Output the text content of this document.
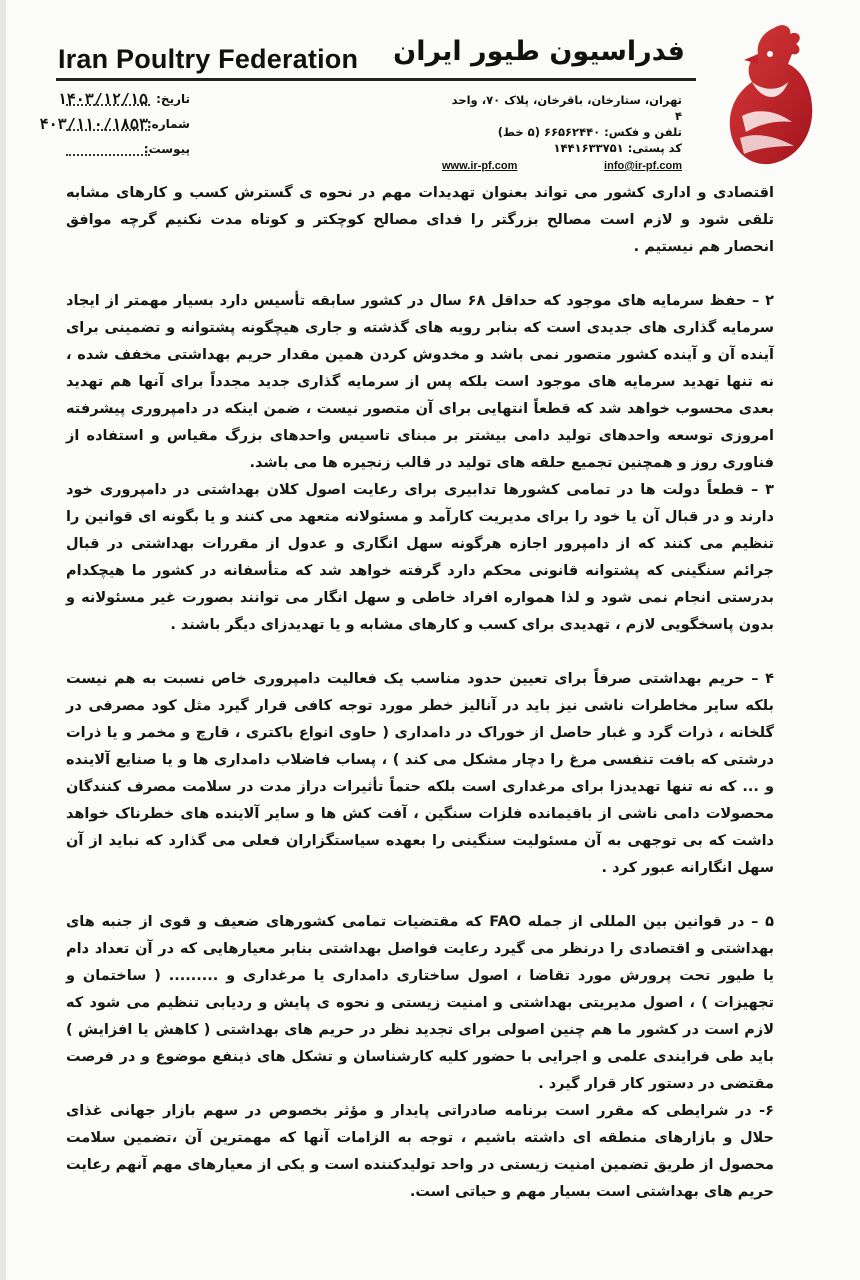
Iran Poultry Federation فدراسیون طیور ایران
تاریخ:
۱۴۰۳/۱۲/۱۵
شماره:
۴۰۳/۱۱۰/۱۸۵۳
پیوست:
تهران، ستارخان، باقرخان، پلاک ۷۰، واحد ۴
تلفن و فکس: ۶۶۵۶۲۴۴۰ (۵ خط)
کد پستی: ۱۴۴۱۶۳۳۷۵۱
www.ir-pf.com	info@ir-pf.com

اقتصادی و اداری کشور می تواند بعنوان تهدیدات مهم در نحوه ی گسترش کسب و کارهای مشابه تلقی شود و لازم است مصالح بزرگتر را فدای مصالح کوچکتر و کوتاه مدت نکنیم گرچه موافق انحصار هم نیستیم .

۲ – حفظ سرمایه های موجود که حداقل ۶۸ سال در کشور سابقه تأسیس دارد بسیار مهمتر از ایجاد سرمایه گذاری های جدیدی است که بنابر رویه های گذشته و جاری هیچگونه پشتوانه و تضمینی برای آینده آن و آینده کشور متصور نمی باشد و مخدوش کردن همین مقدار حریم بهداشتی مخفف شده ، نه تنها تهدید سرمایه های موجود است بلکه پس از سرمایه گذاری جدید مجدداً برای آنها هم تهدید بعدی محسوب خواهد شد که قطعاً انتهایی برای آن متصور نیست ، ضمن اینکه در دامپروری پیشرفته امروزی توسعه واحدهای تولید دامی بیشتر بر مبنای تاسیس واحدهای بزرگ مقیاس و استفاده از فناوری روز و همچنین تجمیع حلقه های تولید در قالب زنجیره ها می باشد.

۳ – قطعاً دولت ها در تمامی کشورها تدابیری برای رعایت اصول کلان بهداشتی در دامپروری خود دارند و در قبال آن یا خود را برای مدیریت کارآمد و مسئولانه متعهد می کنند و یا بگونه ای قوانین را تنظیم می کنند که از دامپرور اجازه هرگونه سهل انگاری و عدول از مقررات بهداشتی در قبال جرائم سنگینی که پشتوانه قانونی محکم دارد گرفته خواهد شد که متأسفانه در کشور ما هیچکدام بدرستی انجام نمی شود و لذا همواره افراد خاطی و سهل انگار می توانند بصورت غیر مسئولانه و بدون پاسخگویی لازم ، تهدیدی برای کسب و کارهای مشابه و یا تهدیدزای دیگر باشند .

۴ – حریم بهداشتی صرفاً برای تعیین حدود مناسب یک فعالیت دامپروری خاص نسبت به هم نیست بلکه سایر مخاطرات ناشی نیز باید در آنالیز خطر مورد توجه کافی قرار گیرد مثل کود مصرفی در گلخانه ، ذرات گرد و غبار حاصل از خوراک در دامداری ( حاوی انواع باکتری ، قارچ و مخمر و یا ذرات درشتی که بافت تنفسی مرغ را دچار مشکل می کند ) ، پساب فاضلاب دامداری ها و یا صنایع آلاینده و ... که نه تنها تهدیدزا برای مرغداری است بلکه حتماً تأثیرات دراز مدت در سلامت مصرف کنندگان محصولات دامی ناشی از باقیمانده فلزات سنگین ، آفت کش ها و سایر آلاینده های خطرناک خواهد داشت که بی توجهی به آن مسئولیت سنگینی را بعهده سیاستگزاران فعلی می گذارد که نباید از آن سهل انگارانه عبور کرد .

۵ – در قوانین بین المللی از جمله FAO که مقتضیات تمامی کشورهای ضعیف و قوی از جنبه های بهداشتی و اقتصادی را درنظر می گیرد رعایت فواصل بهداشتی بنابر معیارهایی که در آن تعداد دام یا طیور تحت پرورش مورد تقاضا ، اصول ساختاری دامداری یا مرغداری و ......... ( ساختمان و تجهیزات ) ، اصول مدیریتی بهداشتی و امنیت زیستی و نحوه ی پایش و ردیابی تنظیم می شود که لازم است در کشور ما هم چنین اصولی برای تجدید نظر در حریم های بهداشتی ( کاهش یا افزایش ) باید طی فرایندی علمی و اجرایی با حضور کلیه کارشناسان و تشکل های ذینفع موضوع و در فرصت مقتضی در دستور کار قرار گیرد .

۶- در شرایطی که مقرر است برنامه صادراتی پایدار و مؤثر بخصوص در سهم بازار جهانی غذای حلال و بازارهای منطقه ای داشته باشیم ، توجه به الزامات آنها که مهمترین آن ،تضمین سلامت محصول از طریق تضمین امنیت زیستی در واحد تولیدکننده است و یکی از معیارهای مهم آنهم رعایت حریم های بهداشتی است بسیار مهم و حیاتی است.
